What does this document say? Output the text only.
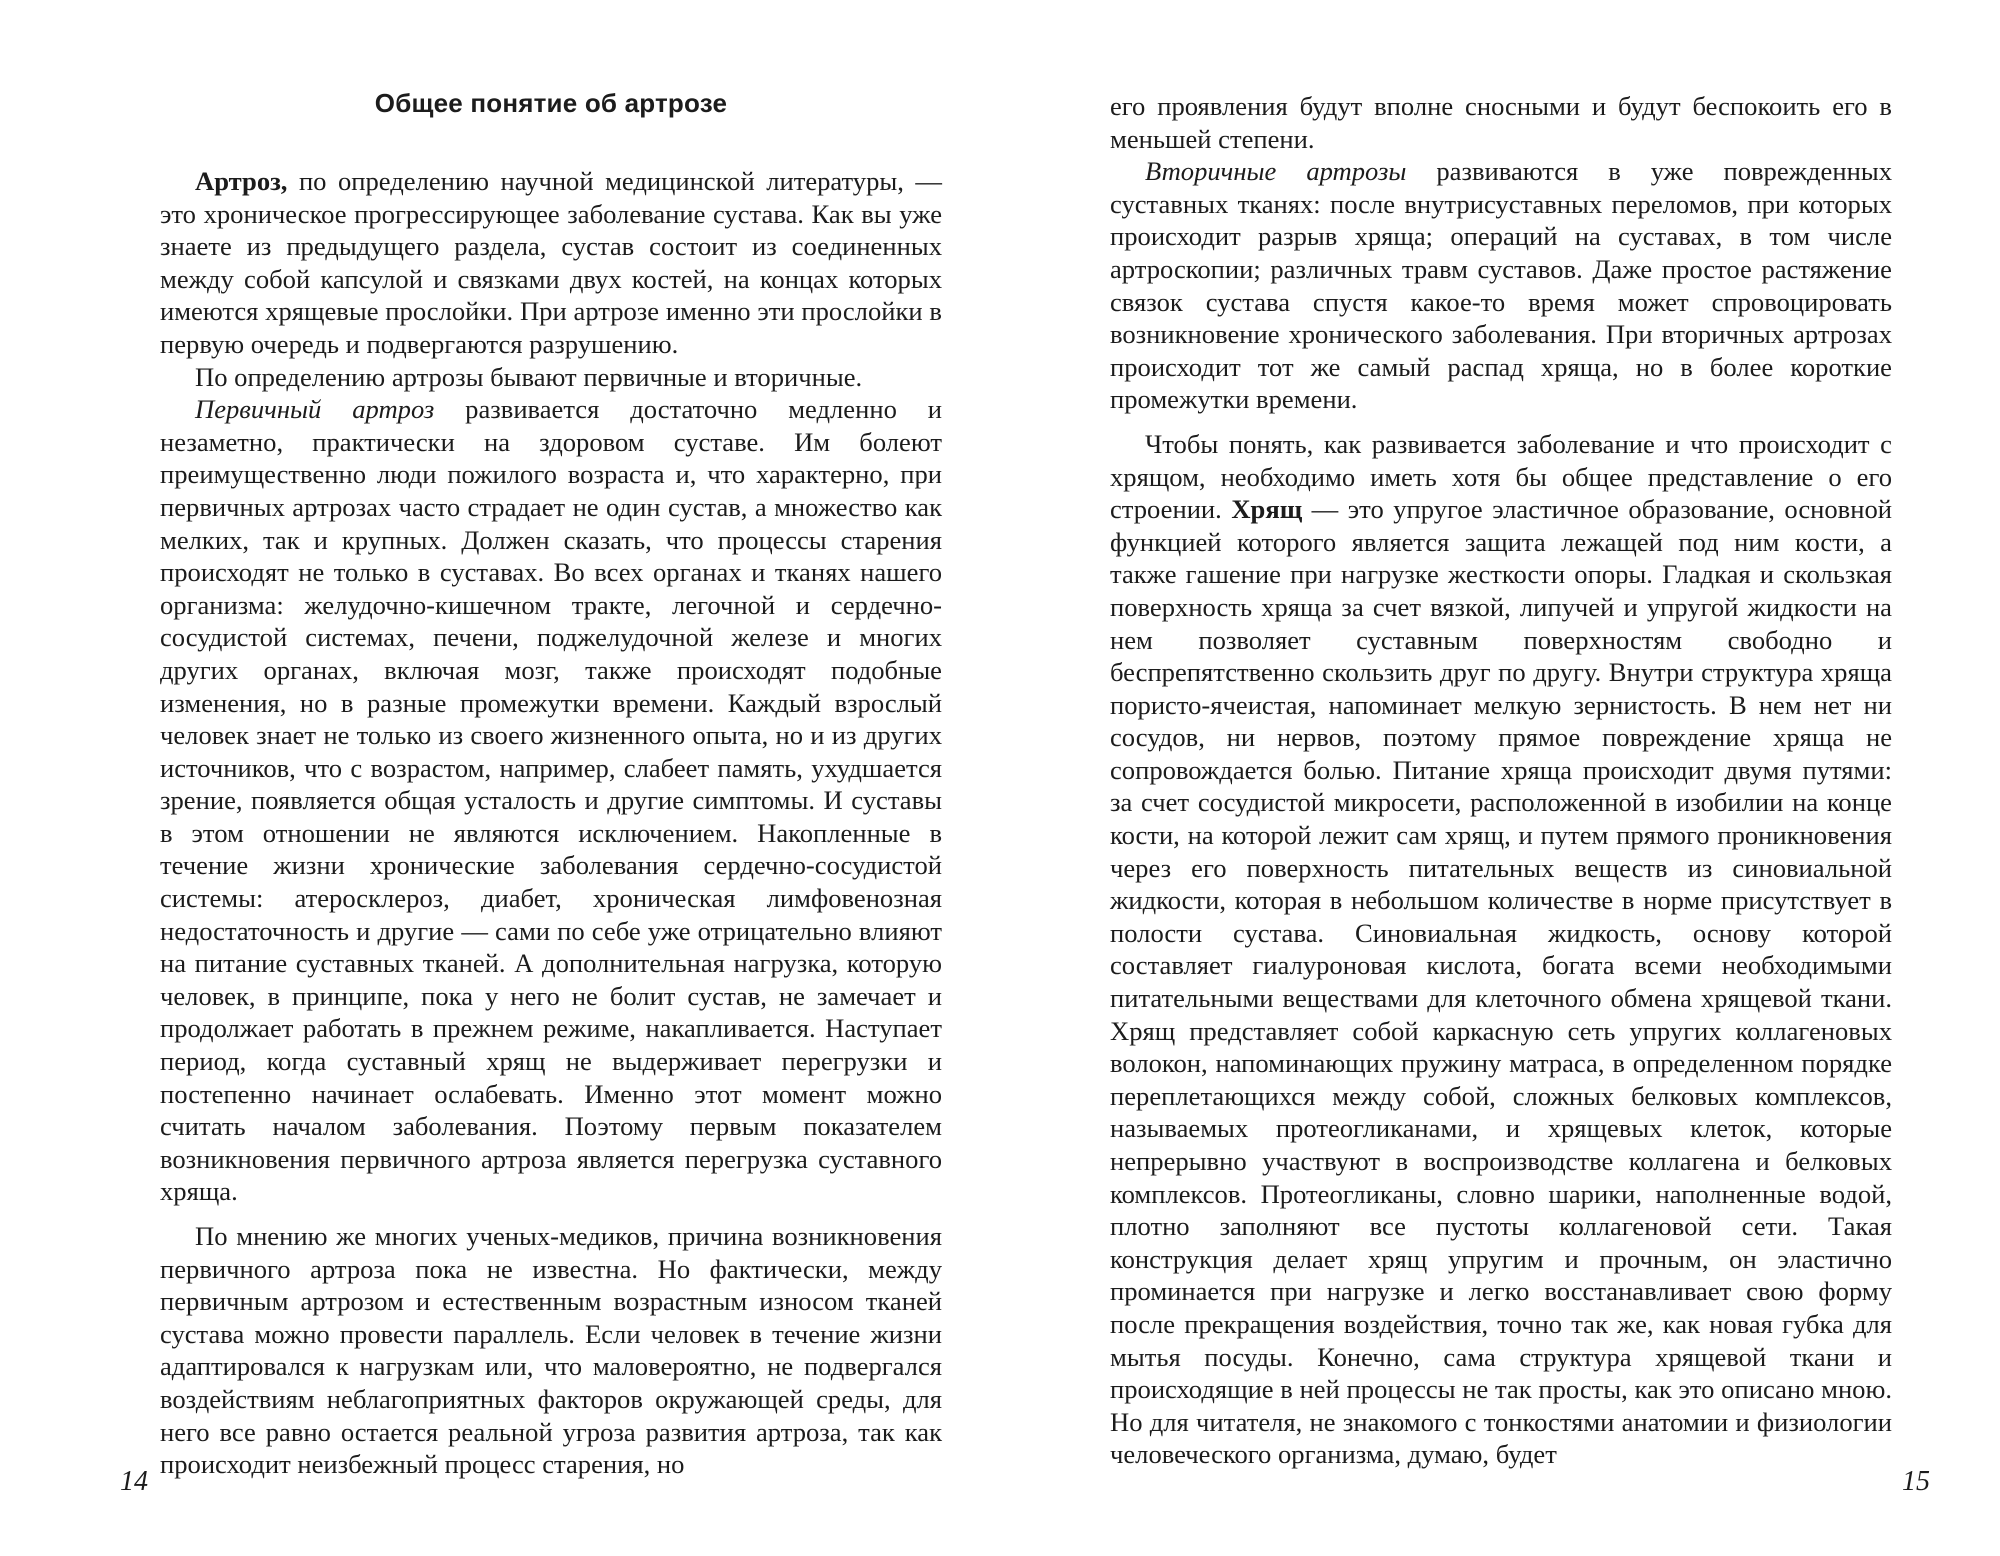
Общее понятие об артрозе

Артроз, по определению научной медицинской литературы, — это хроническое прогрессирующее заболевание сустава. Как вы уже знаете из предыдущего раздела, сустав состоит из соединенных между собой капсулой и связками двух костей, на концах которых имеются хрящевые прослойки. При артрозе именно эти прослойки в первую очередь и подвергаются разрушению.

По определению артрозы бывают первичные и вторичные.

Первичный артроз развивается достаточно медленно и незаметно, практически на здоровом суставе. Им болеют преимущественно люди пожилого возраста и, что характерно, при первичных артрозах часто страдает не один сустав, а множество как мелких, так и крупных. Должен сказать, что процессы старения происходят не только в суставах. Во всех органах и тканях нашего организма: желудочно-кишечном тракте, легочной и сердечно-сосудистой системах, печени, поджелудочной железе и многих других органах, включая мозг, также происходят подобные изменения, но в разные промежутки времени. Каждый взрослый человек знает не только из своего жизненного опыта, но и из других источников, что с возрастом, например, слабеет память, ухудшается зрение, появляется общая усталость и другие симптомы. И суставы в этом отношении не являются исключением. Накопленные в течение жизни хронические заболевания сердечно-сосудистой системы: атеросклероз, диабет, хроническая лимфовенозная недостаточность и другие — сами по себе уже отрицательно влияют на питание суставных тканей. А дополнительная нагрузка, которую человек, в принципе, пока у него не болит сустав, не замечает и продолжает работать в прежнем режиме, накапливается. Наступает период, когда суставный хрящ не выдерживает перегрузки и постепенно начинает ослабевать. Именно этот момент можно считать началом заболевания. Поэтому первым показателем возникновения первичного артроза является перегрузка суставного хряща.

По мнению же многих ученых-медиков, причина возникновения первичного артроза пока не известна. Но фактически, между первичным артрозом и естественным возрастным износом тканей сустава можно провести параллель. Если человек в течение жизни адаптировался к нагрузкам или, что маловероятно, не подвергался воздействиям неблагоприятных факторов окружающей среды, для него все равно остается реальной угроза развития артроза, так как происходит неизбежный процесс старения, но

14

его проявления будут вполне сносными и будут беспокоить его в меньшей степени.

Вторичные артрозы развиваются в уже поврежденных суставных тканях: после внутрисуставных переломов, при которых происходит разрыв хряща; операций на суставах, в том числе артроскопии; различных травм суставов. Даже простое растяжение связок сустава спустя какое-то время может спровоцировать возникновение хронического заболевания. При вторичных артрозах происходит тот же самый распад хряща, но в более короткие промежутки времени.

Чтобы понять, как развивается заболевание и что происходит с хрящом, необходимо иметь хотя бы общее представление о его строении. Хрящ — это упругое эластичное образование, основной функцией которого является защита лежащей под ним кости, а также гашение при нагрузке жесткости опоры. Гладкая и скользкая поверхность хряща за счет вязкой, липучей и упругой жидкости на нем позволяет суставным поверхностям свободно и беспрепятственно скользить друг по другу. Внутри структура хряща пористо-ячеистая, напоминает мелкую зернистость. В нем нет ни сосудов, ни нервов, поэтому прямое повреждение хряща не сопровождается болью. Питание хряща происходит двумя путями: за счет сосудистой микросети, расположенной в изобилии на конце кости, на которой лежит сам хрящ, и путем прямого проникновения через его поверхность питательных веществ из синовиальной жидкости, которая в небольшом количестве в норме присутствует в полости сустава. Синовиальная жидкость, основу которой составляет гиалуроновая кислота, богата всеми необходимыми питательными веществами для клеточного обмена хрящевой ткани. Хрящ представляет собой каркасную сеть упругих коллагеновых волокон, напоминающих пружину матраса, в определенном порядке переплетающихся между собой, сложных белковых комплексов, называемых протеогликанами, и хрящевых клеток, которые непрерывно участвуют в воспроизводстве коллагена и белковых комплексов. Протеогликаны, словно шарики, наполненные водой, плотно заполняют все пустоты коллагеновой сети. Такая конструкция делает хрящ упругим и прочным, он эластично проминается при нагрузке и легко восстанавливает свою форму после прекращения воздействия, точно так же, как новая губка для мытья посуды. Конечно, сама структура хрящевой ткани и происходящие в ней процессы не так просты, как это описано мною. Но для читателя, не знакомого с тонкостями анатомии и физиологии человеческого организма, думаю, будет

15
